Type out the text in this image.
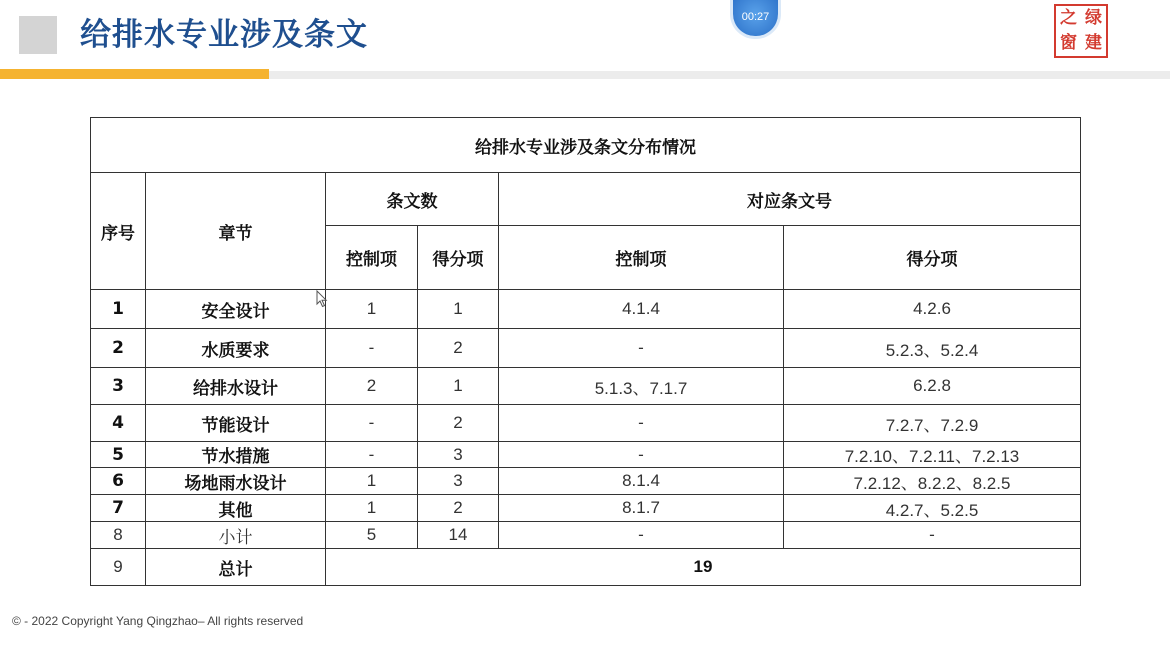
给排水专业涉及条文	00:27	之 绿
窗 建
给排水专业涉及条文分布情况					
序号	章节	条文数		对应条文号	
		控制项	得分项	控制项	得分项
1	安全设计	1	1	4.1.4	4.2.6
2	水质要求	-	2	-	5.2.3、5.2.4
3	给排水设计	2	1	5.1.3、7.1.7	6.2.8
4	节能设计	-	2	-	7.2.7、7.2.9
5	节水措施	-	3	-	7.2.10、7.2.11、7.2.13
6	场地雨水设计	1	3	8.1.4	7.2.12、8.2.2、8.2.5
7	其他	1	2	8.1.7	4.2.7、5.2.5
8	小计	5	14	-	-
9	总计	19			
© - 2022 Copyright Yang Qingzhao– All rights reserved
